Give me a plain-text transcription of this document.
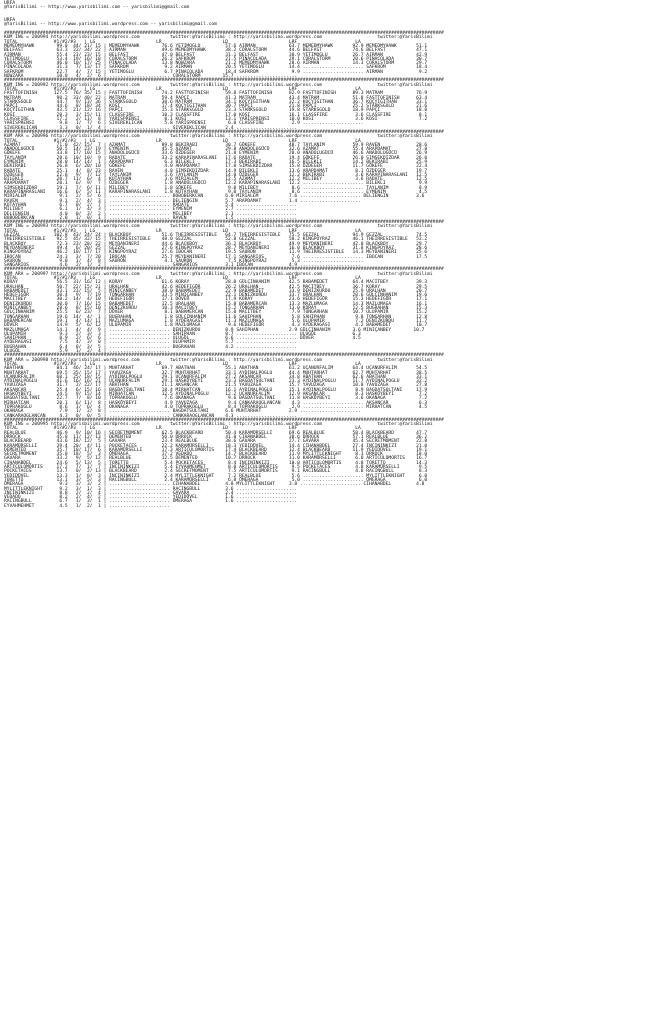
URFA
@YarisBilimi -- http://www.yarisbilimi.com -- yarisbilimi@gmail.com

URFA
@YarisBilimi -- http://www.yarisbilimi.wordpress.com -- yarisbilimi@gmail.com

###############################################################################################################################################################
KUM ING = 200994 http://yarisbilimi.wordpress.com           twitter:@YarisBilimi : http://yarisbilimi.wordpress.com                    twitter:@YarisBilimi
TOTAL             #1/#2/#3   | LG                      LR                      LD                      LRF                     LA
MEMEDMYHAWK        99.0  44/ 21/ 15 | MEMEDMYHAWK        76.6 YETIMOGLU         57.6 AIRMAN            63.7 MEMEDMYHAWK       92.9 MEMEDMYHAWK       51.1
BELFAST            63.3  22/ 34/ 22 | AIRMAN             49.6 MEMEDMYHAWK       38.2 CORALSTORM        44.6 BELFAST           74.6 BELFAST           47.1
AIRMAN             55.4  23/ 23/ 15 | BELFAST            47.0 BELFAST           31.1 BELFAST           38.9 YETIMOGLU         26.7 AIRMAN            42.9
YETIMOGLU          53.4  19/ 16/ 18 | CORALSTORM         26.2 SAFKROM           21.5 PINACOLADA        29.1 CORALSTORM        20.6 PINACOLADA        30.7
CORALSTORM         46.0  10/ 17/ 25 | PINACOLADA         13.8 NOWZARA           21.2 MEMEDMYHAWK       28.6 AIRMAN            14.3 CORALSTORM        29.7
PINACOLADA         31.3   7/ 13/ 17 | SAFKROM             9.2 AIRMAN            20.5 YETIMOGLU         14.4 ...................... SAFKROM           18.4
SAFKROM            22.7   4/  7/ 15 | YETIMOGLU           6.7 PINACOLADA        18.4 SAFKROM            9.9 ...................... AIRMAN             9.2
NOWZARA            10.0   4/  2/  6 | ...................... CORALSTORM        15.7 ......................
###############################################################################################################################################################
KUM ING = 200992 http://yarisbilimi.wordpress.com           twitter:@YarisBilimi : http://yarisbilimi.wordpress.com                    twitter:@YarisBilimi
TOTAL             #1/#2/#3   | LG                      LR                      LD                      LRF                     LA
FASTTOFINISH      127.5  76/ 35/ 15 | FASTTOFINISH       74.2 FASTTOFINISH      59.0 FASTTOFINISH      82.9 FASTTOFINISH      89.3 MATRAM            76.9
MATRAM             90.2  33/ 40/ 22 | MATRAM             59.4 PAPÇI             41.3 MATRAM            43.4 MATRAM            51.8 FASTTOFINISH      63.4
STARKSGOLD         44.7   9/ 13/ 36 | STARKSGOLD         38.6 MATRAM            34.1 KOÇYIGITHAN       32.2 KOÇYIGITHAN       36.7 KOÇYIGITHAN       33.1
PAPÇI              44.6   8/ 18/ 34 | KOSI               17.4 KOÇYIGITHAN       30.7 PAPÇI             21.8 PAPÇI             25.2 STARKSGOLD        21.6
KOÇYIGITHAN        43.5  21/ 12/ 16 | PAPÇI              15.3 STARKSGOLD        23.3 STARKSGOLD        19.8 STARKSGOLD        18.9 PAPÇI             18.8
KOSI               20.3   3/ 15/ 11 | CLASSFIRE          10.3 CLASSFIRE         17.0 KOSI              16.1 CLASSFIRE          3.6 CLASSFIRE          8.1
CLASSFIRE          17.2   2/ 11/  8 | YARISPRENSI         8.1 KOSI              13.1 YARISPRENSI       10.0 KOSI               3.6 KOSI               7.2
YARISPRENSI         9.8   1/  7/  6 | SIVEREKLICAN        5.8 YARISPRENSI        6.0 CLASSFIRE          2.9 ......................
SIVEREKLICAN        3.3   0/  1/  4 | ...................... SIVEREKLICAN       2.4 ......................
###############################################################################################################################################################
KUM ARA = 200996 http://yarisbilimi.wordpress.com           twitter:@YarisBilimi : http://yarisbilimi.wordpress.com                    twitter:@YarisBilimi
TOTAL             #1/#2/#3   | LG                      LR                      LD                      LRF                     LA
AZAMAT             71.0  42/ 15/  7 | AZAMAT             89.8 BEKIRABI          30.7 GÖKEFE            48.7 TAYLANIM          59.9 RAVEN             28.6
ANADOLUGÜCÜ        50.5  14/ 23/ 19 | EYMENIM            45.5 AZAMAT            29.8 ANADOLUGÜCÜ       32.6 AZAMAT            55.4 ARAPDAMAT         27.8
GÖKEFE             33.8  17/ 10/ 15 | ANADOLUGÜCÜ        33.6 ÖZDEGER           21.8 EYMENIM           20.0 ANADOLUGÜCÜ       46.6 ANADOLUGÜCÜ       26.9
TAYLANIM           28.6  10/ 10/  9 | RADATE             33.2 KARAPINARASLANI   17.6 RADATE            19.4 GÖKEFE            26.0 SIMSEKDIZDAR      26.0
EYMENIM            28.0  14/ 14/  1 | ARAPDAMAT           6.3 BILEKLI           17.3 BEKIRABI          16.5 BILEKLI           14.2 BEKIRABI          25.9
BEKIRABI           26.8   6/ 20/ 10 | GÖKEFE              4.0 ARAPDAMAT         17.0 SIMSEKDIZDAR      15.8 ÖZDEGER           11.7 GÖKEFE            22.4
RADATE             25.1   4/  8/ 23 | RAVEN               4.0 SIMSEKDIZDAR      14.9 BILEKLI           13.6 ARAPDAMAT          8.1 ÖZDEGER           19.7
ÖZDEGER            22.8   9/  7/ 12 | TAYLANIM            3.6 TAYLANIM          14.0 ÖZDEGER           12.2 BEKIRABI           3.6 KARAPINARASLANI   12.5
BILEKLI            20.7  11/  6/  4 | KUTAYHAN            3.6 MIRIALEM          12.5 AZAMAT            12.2 MILIBEY            3.6 RADATE            12.5
ARAPDAMAT          20.1   6/  9/  7 | ÖZDEGER             1.8 ANADOLUGÜCÜ       12.2 KARAPINARASLANI   12.2 ...................... BILEKLI            9.9
SIMSEKDIZDAR       19.1   7/  6/ 11 | MILIBEY             1.8 GÖKEFE             9.0 MILIBEY            8.6 ...................... TAYLANIM           8.9
KARAPINARASLANI    16.6   6/  5/ 11 | KARAPINARASLANI     1.8 KUTAYHAN           9.0 TAYLANIM           8.6 ...................... EYMENIM            4.5
MIRIALEM            9.1   2/  5/  6 | ...................... BOBOBERKCAN        6.0 MIRIALEM           7.6 ...................... DELIENGIN          3.6
RAVEN               9.1   2/  4/  3 | ...................... DELIENGIN          5.7 ARAPDAMAT          1.4 ......................
KUTAYHAN            6.7   0/  2/  7 | ...................... RADATE             5.4 ......................
MILIBEY             6.1   1/  4/  3 | ...................... EYMENIM            2.7 ......................
DELIENGIN           4.0   0/  3/  2 | ...................... MILIBEY            2.1 ......................
BOBOBERKCAN         2.8   1/  0/  1 | ...................... RAVEN              1.5 ......................
###############################################################################################################################################################
KUM ING = 200993 http://yarisbilimi.wordpress.com           twitter:@YarisBilimi : http://yarisbilimi.wordpress.com                    twitter:@YarisBilimi
TOTAL             #1/#2/#3   | LG                      LR                      LD                      LRF                     LA
GEZZAL            102.8  43/ 24/ 24 | BLACKBOY           51.6 THEIRRESISTIBLE   64.7 THEIRRESISTIBLE   75.5 GEZZAL            94.9 GEZZAL            74.5
THEIRRESISTIBLE    92.5  45/ 32/ 15 | THEIRRESISTIBLE    48.0 GEZZAL            52.8 GEZZAL            58.2 KINGPOYRAZ        46.1 THEIRRESISTIBLE   53.2
BLACKBOY           72.3  23/ 28/ 22 | MEYDANINERI        44.6 BLACKBOY          36.2 BLACKBOY          49.9 MEYDANINERI       42.0 BLACKBOY          29.7
MEYDANINERI        49.4   6/ 20/ 25 | GEZZAL             27.6 KINGPOYRAZ        28.7 MEYDANINERI       16.0 BLACKBOY          31.8 KINGPOYRAZ        28.6
KINGPOYRAZ         46.2  10/ 17/ 17 | KINGPOYRAZ         27.6 IBOCAN            19.5 SAURON            11.9 THEIRRESISTIBLE   14.3 MEYDANINERI       25.6
IBOCAN             24.3   3/  7/ 20 | IBOCAN             25.7 MEYDANINERI       17.1 SANGARIOS          7.6 ...................... IBOCAN            17.5
SAURON              9.0   1/  4/  8 | SAURON              4.1 SAURON             7.5 KINGPOYRAZ         5.3 ......................
SANGARIOS           4.6   2/  1/  2 | ...................... SANGARIOS          3.1 IBOCAN             4.9 ......................
###############################################################################################################################################################
KUM ARA = 200997 http://yarisbilimi.wordpress.com           twitter:@YarisBilimi : http://yarisbilimi.wordpress.com                    twitter:@YarisBilimi
TOTAL             #1/#2/#3   | LG                      LR                      LD                      LRF                     LA
KORAY              56.5  31/ 16/ 12 | KORAY              61.6 KORAY             28.0 GÜLÇINHANIM       42.5 BABAMEDET         64.4 MACITBEY          39.3
URALHAN            50.7  22/ 15/ 21 | URALHAN            42.6 HEDEFIGÖR         26.2 URALHAN           42.5 MACITBEY          36.7 KORAY             29.5
BABAMEDET          43.1  23/ 15/  5 | MINIÇANBEY         38.0 BABAMEDET         22.9 BABAMEDET         33.9 DENIZKURDU        25.9 URALHAN           20.7
HEDEFIGÖR          30.4   9/  7/ 19 | TONGARHAN          33.5 MINIÇANBEY        22.1 DENIZKURDU        33.7 URALHAN           20.6 GÜLÇINHANIM       19.6
MACITBEY           30.2  14/  4/ 10 | HEDEFIGÖR          17.1 DÖVER             17.9 KORAY             23.6 HEDEFIGÖR         15.3 HEDEFIGÖR         17.1
DENIZKURDU         30.0   7/ 16/ 15 | BABAMEDET          12.5 URALHAN           15.8 BABAMERCAN        13.3 MAZLUMAGA         14.3 MAZLUMAGA         16.1
MINIÇANBEY         28.6   8/ 15/ 10 | DENIZKURDU         10.3 MACITBEY          15.2 TONGARHAN         13.0 KORAY             12.5 BUGRAHAN          15.3
GÜLÇINHANIM        25.5   6/ 23/  7 | DÖVER               8.1 BABAMERCAN        15.0 MACITBEY           7.9 TONGARHAN         10.7 ULUPAMIR          15.2
TONGARHAN          19.6  14/  4/  1 | BUGRAHAN            1.8 GÜLÇINHANIM       11.6 SAHIPHAN           5.8 SAHIPHAN           9.8 TONGARHAN         12.8
BABAMERCAN         19.1   4/ 14/ 11 | MAZLUMAGA           1.8 AYDERAGASI        11.3 MAZLUMAGA          5.6 ULUPAMIR           7.2 DENIZKURDU        11.7
DÖVER              14.9   5/  6/ 12 | ULUPAMIR            1.8 MAZLUMAGA          9.6 HEDEFIGÖR          4.3 AYDERAGASI         4.2 BABAMEDET         10.7
MAZLUMAGA          14.1   4/  4/  9 | ...................... DENIZKURDU         8.9 SAHIPHAN           2.9 GÜLÇINHANIM        3.6 MINIÇANBEY        10.7
ULUPAMIR            9.3   2/  3/  3 | ...................... SAHIPHAN           8.7 ...................... ULUGÖL             6.3
SAHIPHAN            8.9   2/  6/  6 | ...................... ULUGÖL             6.6 ...................... DÖVER              4.5
AYDERAGASI          7.5   4/  3/  0 | ...................... ULUPAMIR           5.7 ......................
BUGRAHAN            6.4   0/  3/  5 | ...................... BUGRAHAN           4.2 ......................
ULUGÖL              5.9   1/  2/  4 | ......................
###############################################################################################################################################################
KUM ARA = 200998 http://yarisbilimi.wordpress.com           twitter:@YarisBilimi : http://yarisbilimi.wordpress.com                    twitter:@YarisBilimi
TOTAL             #1/#2/#3   | LG                      LR                      LD                      LRF                     LA
ABATHAN            84.1  46/ 24/ 17 | MUHTARHAT          69.7 ABATHAN           55.1 ABATHAN           61.2 UÇANURFALIM       64.4 UÇANURFALIM       54.5
MUHTARHAT          69.5  35/ 15/ 17 | YAVUZAGA           32.7 MUHTARHAT         33.1 AYDINALPOGLU      44.4 MUHTARHAT         62.7 MUHTARHAT         38.5
UÇANURFALIM        60.1  25/ 18/ 15 | AYDINALPOGLU       29.1 UÇANURFALIM       27.2 AKSANCAR          34.8 ABATHAN           62.6 ABATHAN           33.1
AYDINALPOGLU       41.6  16/ 16/ 21 | UÇANURFALIM        29.1 HASKÖYBEYI        23.3 BAGDATSULTANI     23.3 AYDINALPOGLU      11.7 AYDINALPOGLU      32.2
YAVUZAGA           31.7   2/ 22/ 17 | ABATHAN            21.1 AKSANCAR          21.5 YAVUZAGA          15.7 YAVUZAGA          10.8 YAVUZAGA          27.8
AKSANCAR           25.4   6/ 15/ 16 | BAGDATSULTANI      18.4 MIRHATCAN         16.1 AYDINALPOGLU      15.1 AYDINALPOGLU       8.9 BAGDATSULTANI     17.9
HASKÖYBEYI         24.5   9/ 15/ 14 | MIRHATCAN          12.5 AYDINALPOGLU      12.2 UÇANURFALIM       12.9 AKSANCAR           8.3 HASKÖYBEYI         7.2
BAGDATSULTANI      22.7   7/  8/ 10 | TOPRAKOGLU          7.6 OKANAGA            9.6 BAGDATSULTANI     11.8 HASKÖYBEYI         3.6 OKANAGA            7.2
MIRHATCAN          20.1   6/ 11/  8 | HASKÖYBEYI          4.9 YAVUZAGA           9.4 CANKARAOGLANCAN    4.3 ...................... AKSANCAR           6.3
TOPRAKOGLU          8.6   1/  6/  4 | OKANAGA             4.0 TOPRAKOGLU         8.4 TOPRAKOGLU         2.9 ...................... MIRHATCAN          4.5
OKANAGA             7.9   1/  2/  8 | ...................... BAGDATSULTANI      6.6 MUHTARHAT          2.9 ......................
CANKARAOGLANCAN     4.3   0/  0/  5 | ...................... CANKARAOGLANCAN    4.3 ......................
###############################################################################################################################################################
KUM ING = 200995 http://yarisbilimi.wordpress.com           twitter:@YarisBilimi : http://yarisbilimi.wordpress.com                    twitter:@YarisBilimi
TOTAL             #1/#2/#3   | LG                      LR                      LD                      LRF                     LA
REALBLUE           46.9   9/ 10/ 16 | SECRETMOMENT       62.5 BLACKBEARD        50.4 KARAMÜRSELLI      69.6 REALBLUE          58.4 BLACKBEARD        47.7
DRROCK             45.8  11/ 12/ 13 | DEMENTED           56.0 DRROCK            41.0 CIHANABDEL        38.6 DRROCK            57.1 REALBLUE          36.2
BLACKBEARD         43.6  18/ 12/  5 | GAVARA             23.4 REALBLUE          38.6 GAVARA            27.7 GAVARA            45.4 SECRETMOMENT      22.8
KARAMÜRSELLI       39.4  20/  4/ 11 | POCKETACES         22.2 KARAMÜRSELLI      18.3 YEDIDÜVEL         14.4 CIHANABDEL        27.4 INCININKIZI       21.0
DEMENTED           35.7  10/ 17/  6 | KARAMÜRSELLI       17.3 ARTICULOMORTIS    17.4 BLACKBEARD        12.4 BLACKBEARD        11.9 YEDIDÜVEL         19.1
SECRETMOMENT       35.0  18/  5/  3 | ÖMERAGA            17.2 VEDADO            14.7 BLACKBEARD        11.9 MYLITTLEKNIGHT     8.3 DRROCK            18.0
GAVARA             33.2   9/  5/ 12 | REALBLUE           12.5 DEMENTED          10.7 DRROCK            11.0 KARAMÜRSELLI       6.0 ARTICULOMORTIS    16.7
CIHANABDEL         24.6   5/ 13/  5 | TORETTO             5.4 POCKETACES         8.4 INCININKIZI       10.0 ARTICULOMORTIS     4.8 TORETTO           14.3
ARTICULOMORTIS     17.2   7/  1/  7 | INCININKIZI         5.4 EYVAHMEHMET        8.0 ARTICULOMORTIS     9.5 POCKETACES         4.8 KARAMÜRSELLI       9.5
POCKETACES         13.7   0/  2/ 13 | BLACKBEARD          2.4 SECRETMOMENT       7.5 ARTICULOMORTIS     9.1 RACINGBULL         4.8 RACINGBULL         8.3
YEDIDÜVEL          13.3   1/  8/  3 | INCININKIZI         2.4 MYLITTLEKNIGHT     7.2 REALBLUE           5.6 ...................... MYLITTLEKNIGHT     6.0
TORETTO            13.1   3/  5/  3 | RACINGBULL          2.4 KARAMÜRSELLI       6.8 ÖMERAGA            5.0 ...................... ÖMERAGA            6.0
ÖMERAGA             9.3   3/  3/  2 | ...................... CIHANABDEL         4.8 MYLITTLEKNIGHT     3.8 ...................... CIHANABDEL         4.8
MYLITTLEKNIGHT      9.2   3/  1/  3 | ...................... RACINGBULL         3.6 ......................
INCININKIZI         8.8   2/  2/  4 | ...................... GAVARA             2.4 ......................
VEDADO              8.2   2/  4/  2 | ...................... YEDIDÜVEL          1.6 ......................
RACINGBULL          6.7   1/  3/  1 | ...................... ÖMERAGA            1.6 ......................
EYVAHMEHMET         4.5   1/  2/  1 | ......................
